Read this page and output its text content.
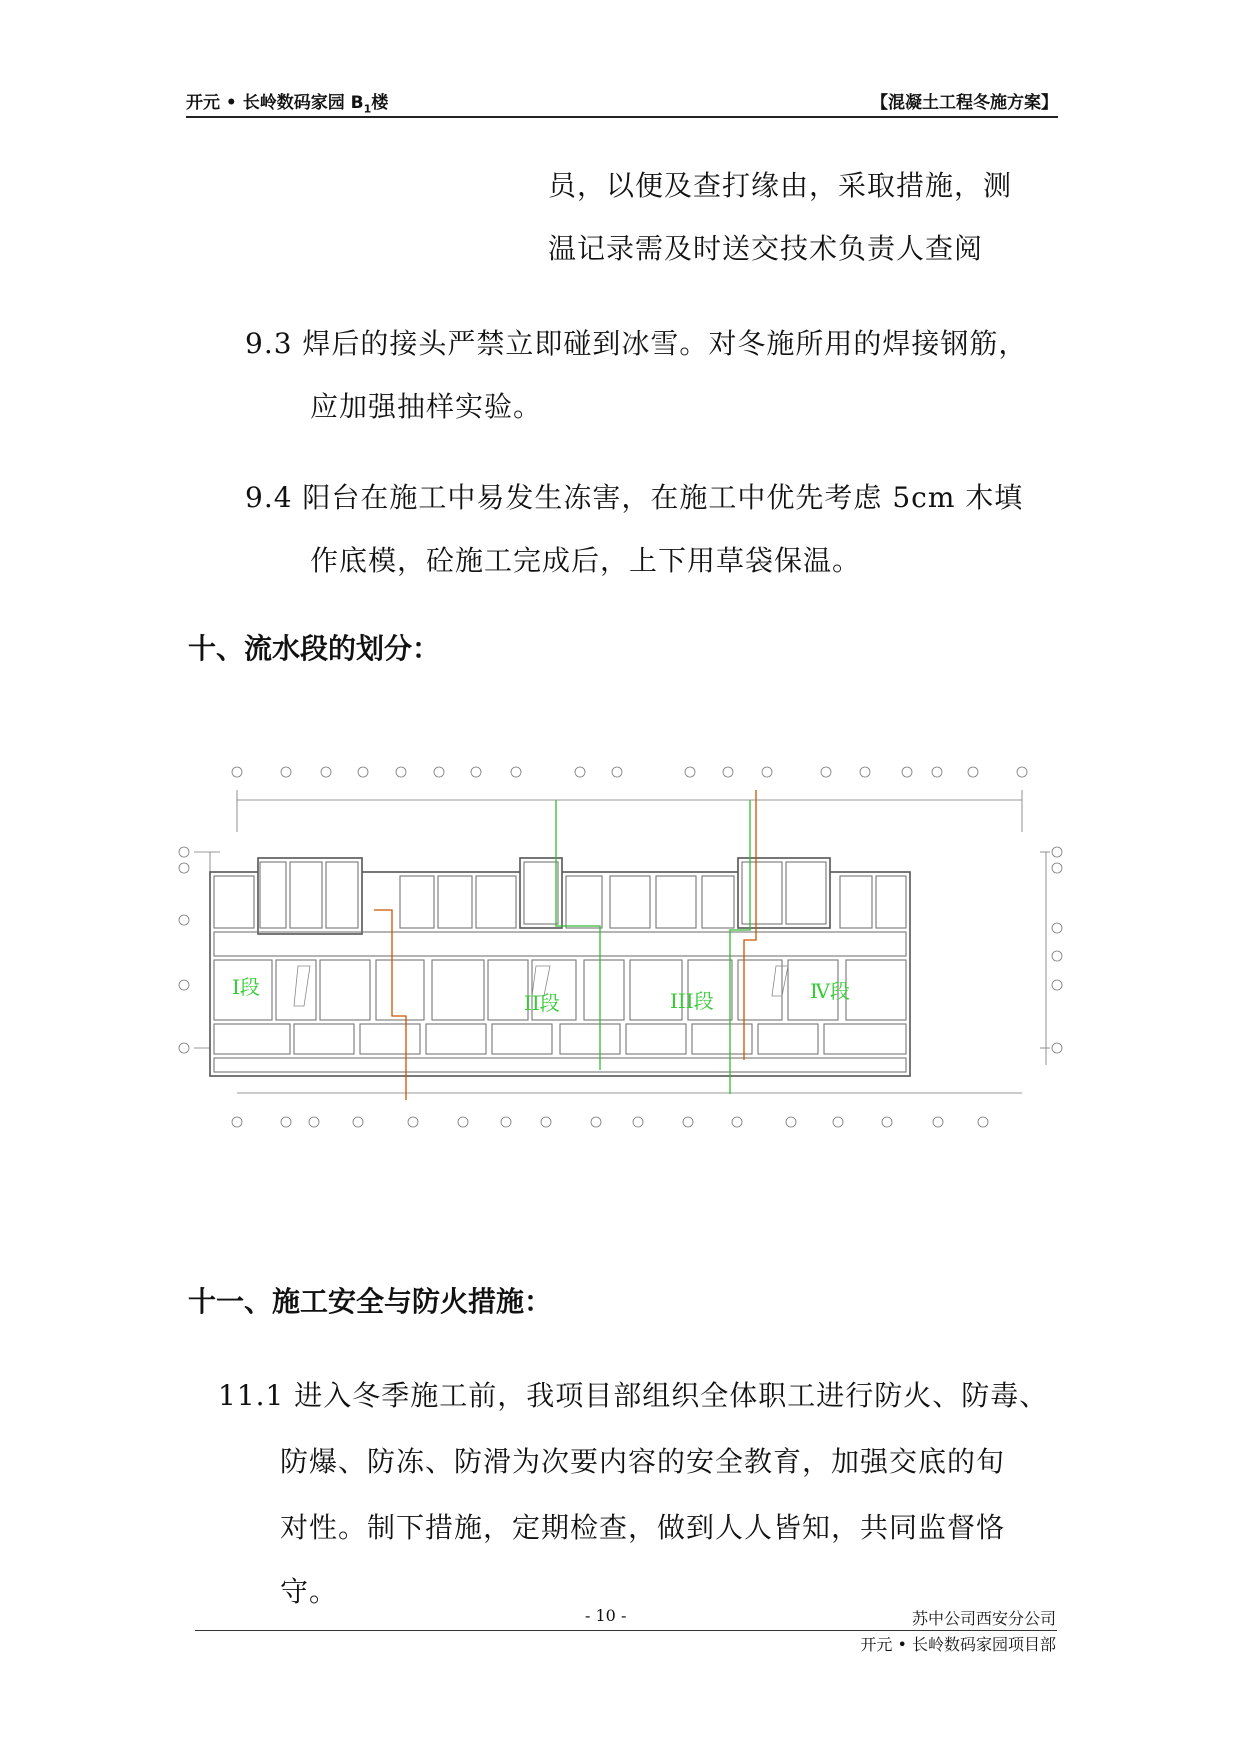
开元 • 长岭数码家园 $B_1$楼	【混凝土工程冬施方案】
员，以便及查打缘由，采取措施，测
温记录需及时送交技术负责人查阅
9.3 焊后的接头严禁立即碰到冰雪。对冬施所用的焊接钢筋，
应加强抽样实验。
9.4 阳台在施工中易发生冻害，在施工中优先考虑 5cm 木填
作底模，砼施工完成后，上下用草袋保温。
十、流水段的划分：
I段
II段	III段	Ⅳ段
十一、施工安全与防火措施：
11.1 进入冬季施工前，我项目部组织全体职工进行防火、防毒、
防爆、防冻、防滑为次要内容的安全教育，加强交底的旬
对性。制下措施，定期检查，做到人人皆知，共同监督恪
守。
- 10 -	苏中公司西安分公司
开元 • 长岭数码家园项目部
